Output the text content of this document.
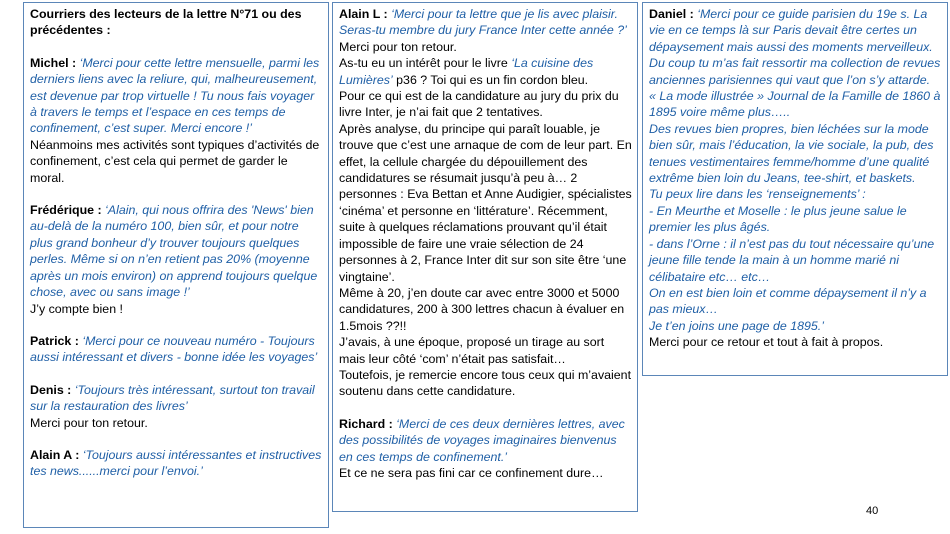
Courriers des lecteurs de la lettre N°71 ou des précédentes :

Michel : ‘Merci pour cette lettre mensuelle, parmi les derniers liens avec la reliure, qui, malheureusement, est devenue par trop virtuelle ! Tu nous fais voyager à travers le temps et l’espace en ces temps de confinement, c’est super. Merci encore !’

Néanmoins mes activités sont typiques d’activités de confinement, c’est cela qui permet de garder le moral.

Frédérique : ‘Alain, qui nous offrira des 'News' bien au-delà de la numéro 100, bien sûr, et pour notre plus grand bonheur d’y trouver toujours quelques perles. Même si on n’en retient pas 20% (moyenne après un mois environ) on apprend toujours quelque chose, avec ou sans image !’

J’y compte bien !

Patrick : ‘Merci pour ce nouveau numéro - Toujours aussi intéressant et divers - bonne idée les voyages’

Denis : ‘Toujours très intéressant, surtout ton travail sur la restauration des livres’

Merci pour ton retour.

Alain A : ‘Toujours aussi intéressantes et instructives tes news......merci pour l’envoi.’

Alain L : ‘Merci pour ta lettre que je lis avec plaisir. Seras-tu membre du jury France Inter cette année ?’

Merci pour ton retour.

As-tu eu un intérêt pour le livre ‘La cuisine des Lumières’ p36 ? Toi qui es un fin cordon bleu.

Pour ce qui est de la candidature au jury du prix du livre Inter, je n’ai fait que 2 tentatives.

Après analyse, du principe qui paraît louable, je trouve que c’est une arnaque de com de leur part. En effet, la cellule chargée du dépouillement des candidatures se résumait jusqu’à peu à… 2 personnes : Eva Bettan et Anne Audigier, spécialistes ‘cinéma’ et personne en ‘littérature’. Récemment, suite à quelques réclamations prouvant qu’il était impossible de faire une vraie sélection de 24 personnes à 2, France Inter dit sur son site être ‘une vingtaine’.

Même à 20, j’en doute car avec entre 3000 et 5000 candidatures, 200 à 300 lettres chacun à évaluer en 1.5mois ??!!

J’avais, à une époque, proposé un tirage au sort mais leur côté ‘com’ n’était pas satisfait…

Toutefois, je remercie encore tous ceux qui m’avaient soutenu dans cette candidature.

Richard : ‘Merci de ces deux dernières lettres, avec des possibilités de voyages imaginaires bienvenus en ces temps de confinement.’

Et ce ne sera pas fini car ce confinement dure…

Daniel : ‘Merci pour ce guide parisien du 19e s. La vie en ce temps là sur Paris devait être certes un dépaysement mais aussi des moments merveilleux. Du coup tu m’as fait ressortir ma collection de revues anciennes parisiennes qui vaut que l’on s’y attarde.

« La mode illustrée » Journal de la Famille de 1860 à 1895 voire même plus…..

Des revues bien propres, bien léchées sur la mode bien sûr, mais l’éducation, la vie sociale, la pub, des tenues vestimentaires femme/homme d’une qualité extrême bien loin du Jeans, tee-shirt, et baskets.

Tu peux lire dans les ‘renseignements’ :

- En Meurthe et Moselle : le plus jeune salue le premier les plus âgés.

- dans l’Orne : il n’est pas du tout nécessaire qu’une jeune fille tende la main à un homme marié ni célibataire etc… etc…

On en est bien loin et comme dépaysement il n’y a pas mieux…

Je t’en joins une page de 1895.’

Merci pour ce retour et tout à fait à propos.

40
